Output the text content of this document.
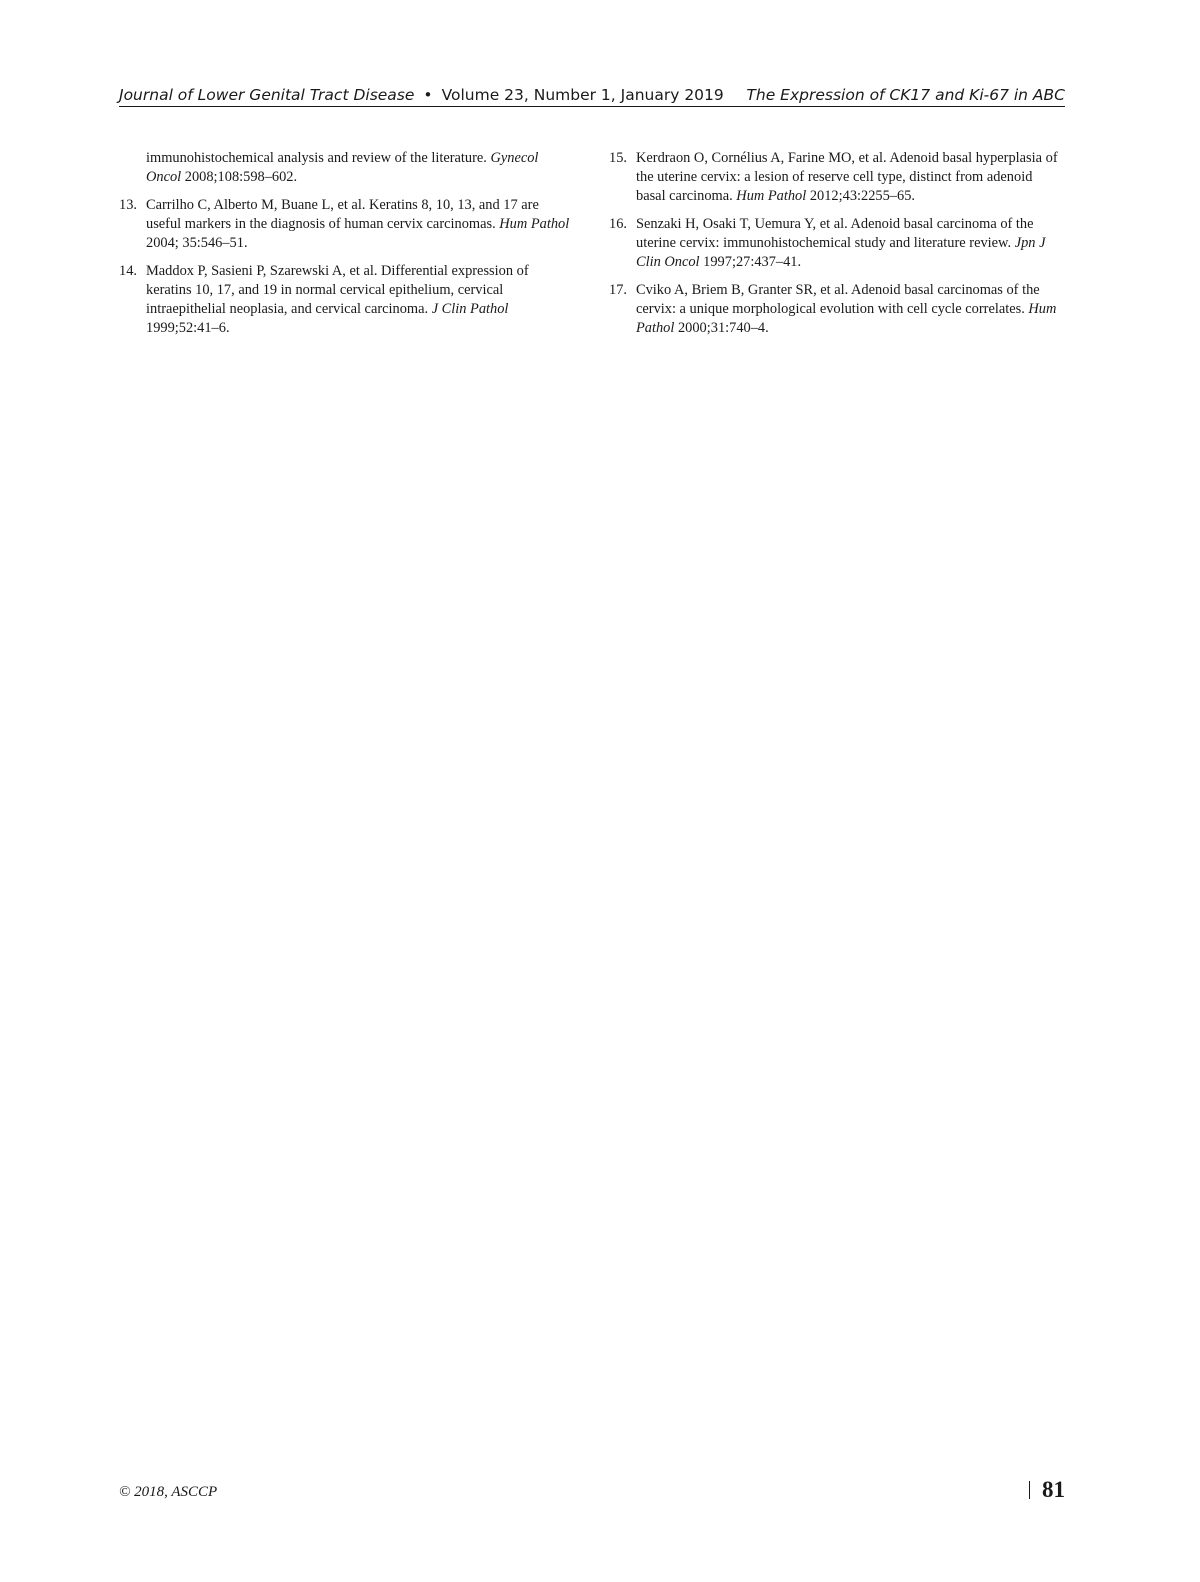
Journal of Lower Genital Tract Disease • Volume 23, Number 1, January 2019 The Expression of CK17 and Ki-67 in ABC
immunohistochemical analysis and review of the literature. Gynecol Oncol 2008;108:598–602.
13. Carrilho C, Alberto M, Buane L, et al. Keratins 8, 10, 13, and 17 are useful markers in the diagnosis of human cervix carcinomas. Hum Pathol 2004; 35:546–51.
14. Maddox P, Sasieni P, Szarewski A, et al. Differential expression of keratins 10, 17, and 19 in normal cervical epithelium, cervical intraepithelial neoplasia, and cervical carcinoma. J Clin Pathol 1999;52:41–6.
15. Kerdraon O, Cornélius A, Farine MO, et al. Adenoid basal hyperplasia of the uterine cervix: a lesion of reserve cell type, distinct from adenoid basal carcinoma. Hum Pathol 2012;43:2255–65.
16. Senzaki H, Osaki T, Uemura Y, et al. Adenoid basal carcinoma of the uterine cervix: immunohistochemical study and literature review. Jpn J Clin Oncol 1997;27:437–41.
17. Cviko A, Briem B, Granter SR, et al. Adenoid basal carcinomas of the cervix: a unique morphological evolution with cell cycle correlates. Hum Pathol 2000;31:740–4.
© 2018, ASCCP	81
